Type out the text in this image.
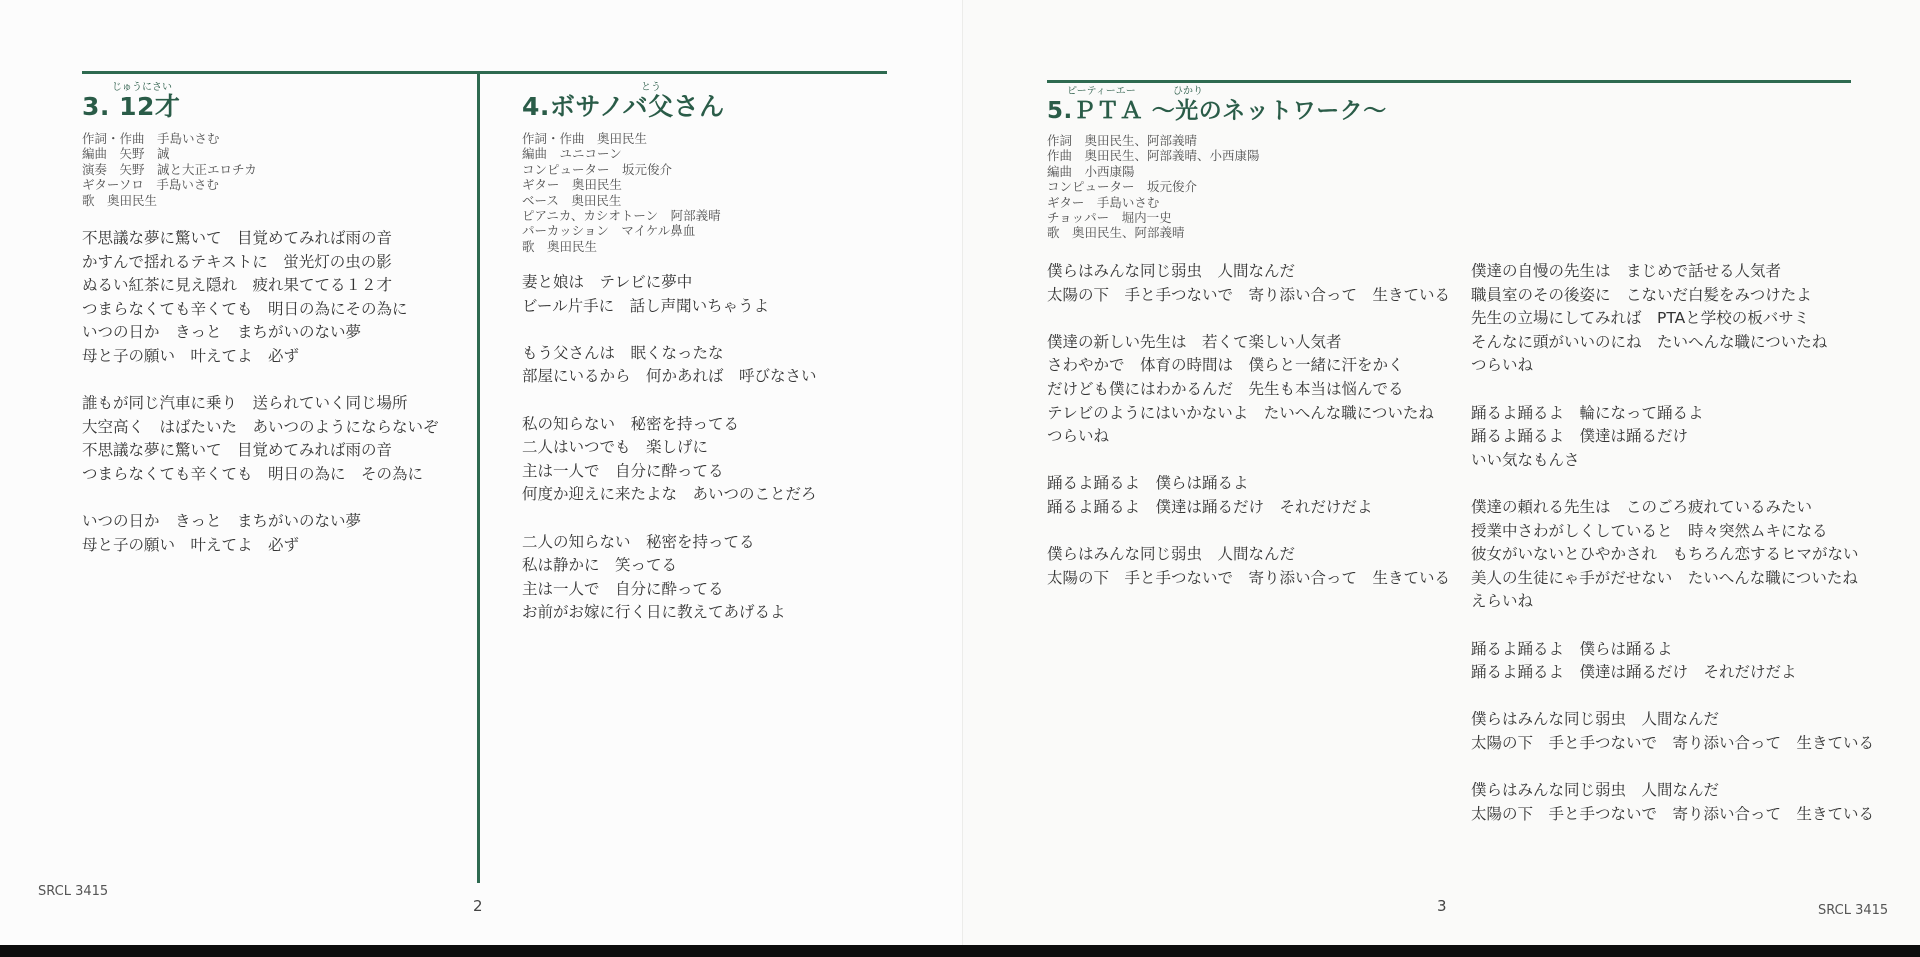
じゅうにさい
3. 12才
作詞・作曲　手島いさむ
編曲　矢野　誠
演奏　矢野　誠と大正エロチカ
ギターソロ　手島いさむ
歌　奥田民生

不思議な夢に驚いて　目覚めてみれば雨の音
かすんで揺れるテキストに　蛍光灯の虫の影
ぬるい紅茶に見え隠れ　疲れ果ててる１２才
つまらなくても辛くても　明日の為にその為に
いつの日か　きっと　まちがいのない夢
母と子の願い　叶えてよ　必ず

誰もが同じ汽車に乗り　送られていく同じ場所
大空高く　はばたいた　あいつのようにならないぞ
不思議な夢に驚いて　目覚めてみれば雨の音
つまらなくても辛くても　明日の為に　その為に

いつの日か　きっと　まちがいのない夢
母と子の願い　叶えてよ　必ず

とう
4.ボサノバ父さん
作詞・作曲　奥田民生
編曲　ユニコーン
コンピューター　坂元俊介
ギター　奥田民生
ベース　奥田民生
ピアニカ、カシオトーン　阿部義晴
パーカッション　マイケル鼻血
歌　奥田民生

妻と娘は　テレビに夢中
ビール片手に　話し声聞いちゃうよ

もう父さんは　眠くなったな
部屋にいるから　何かあれば　呼びなさい

私の知らない　秘密を持ってる
二人はいつでも　楽しげに
主は一人で　自分に酔ってる
何度か迎えに来たよな　あいつのことだろ

二人の知らない　秘密を持ってる
私は静かに　笑ってる
主は一人で　自分に酔ってる
お前がお嫁に行く日に教えてあげるよ

SRCL 3415
2
ピーティーエー	ひかり
5.ＰＴＡ 〜光のネットワーク〜
作詞　奥田民生、阿部義晴
作曲　奥田民生、阿部義晴、小西康陽
編曲　小西康陽
コンピューター　坂元俊介
ギター　手島いさむ
チョッパー　堀内一史
歌　奥田民生、阿部義晴

僕らはみんな同じ弱虫　人間なんだ
太陽の下　手と手つないで　寄り添い合って　生きている

僕達の新しい先生は　若くて楽しい人気者
さわやかで　体育の時間は　僕らと一緒に汗をかく
だけども僕にはわかるんだ　先生も本当は悩んでる
テレビのようにはいかないよ　たいへんな職についたね
つらいね

踊るよ踊るよ　僕らは踊るよ
踊るよ踊るよ　僕達は踊るだけ　それだけだよ

僕らはみんな同じ弱虫　人間なんだ
太陽の下　手と手つないで　寄り添い合って　生きている

僕達の自慢の先生は　まじめで話せる人気者
職員室のその後姿に　こないだ白髪をみつけたよ
先生の立場にしてみれば　PTAと学校の板バサミ
そんなに頭がいいのにね　たいへんな職についたね
つらいね

踊るよ踊るよ　輪になって踊るよ
踊るよ踊るよ　僕達は踊るだけ
いい気なもんさ

僕達の頼れる先生は　このごろ疲れているみたい
授業中さわがしくしていると　時々突然ムキになる
彼女がいないとひやかされ　もちろん恋するヒマがない
美人の生徒にゃ手がだせない　たいへんな職についたね
えらいね

踊るよ踊るよ　僕らは踊るよ
踊るよ踊るよ　僕達は踊るだけ　それだけだよ

僕らはみんな同じ弱虫　人間なんだ
太陽の下　手と手つないで　寄り添い合って　生きている

僕らはみんな同じ弱虫　人間なんだ
太陽の下　手と手つないで　寄り添い合って　生きている

3	SRCL 3415
